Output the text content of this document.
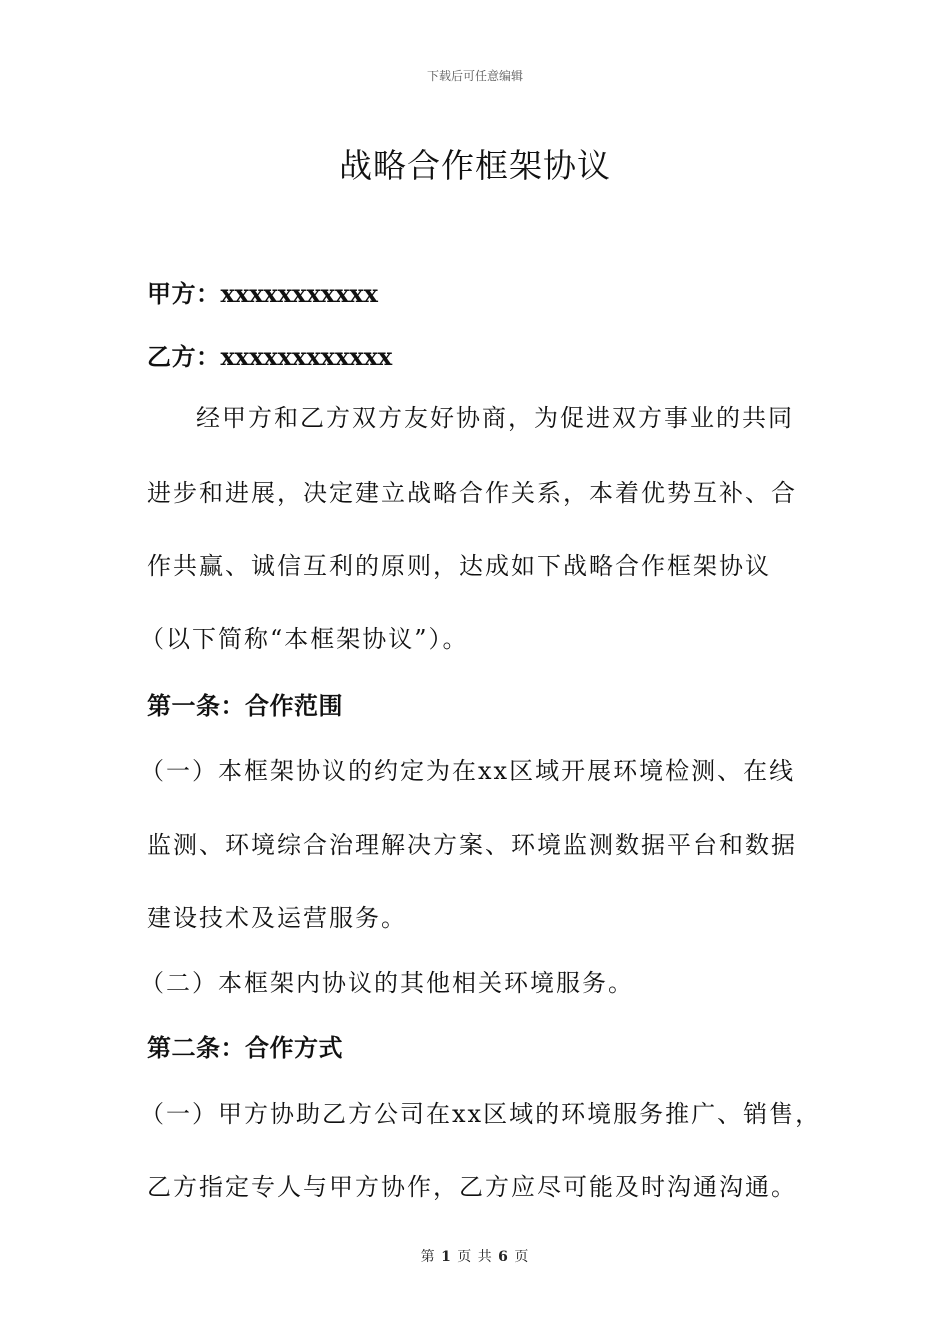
下载后可任意编辑
战略合作框架协议
甲方：xxxxxxxxxxx
乙方：xxxxxxxxxxxx
经甲方和乙方双方友好协商，为促进双方事业的共同
进步和进展，决定建立战略合作关系，本着优势互补、合
作共赢、诚信互利的原则，达成如下战略合作框架协议
（以下简称“本框架协议”）。
第一条：合作范围
（一）本框架协议的约定为在xx区域开展环境检测、在线
监测、环境综合治理解决方案、环境监测数据平台和数据
建设技术及运营服务。
（二）本框架内协议的其他相关环境服务。
第二条：合作方式
（一）甲方协助乙方公司在xx区域的环境服务推广、销售，
乙方指定专人与甲方协作，乙方应尽可能及时沟通沟通。
第 1 页 共 6 页
